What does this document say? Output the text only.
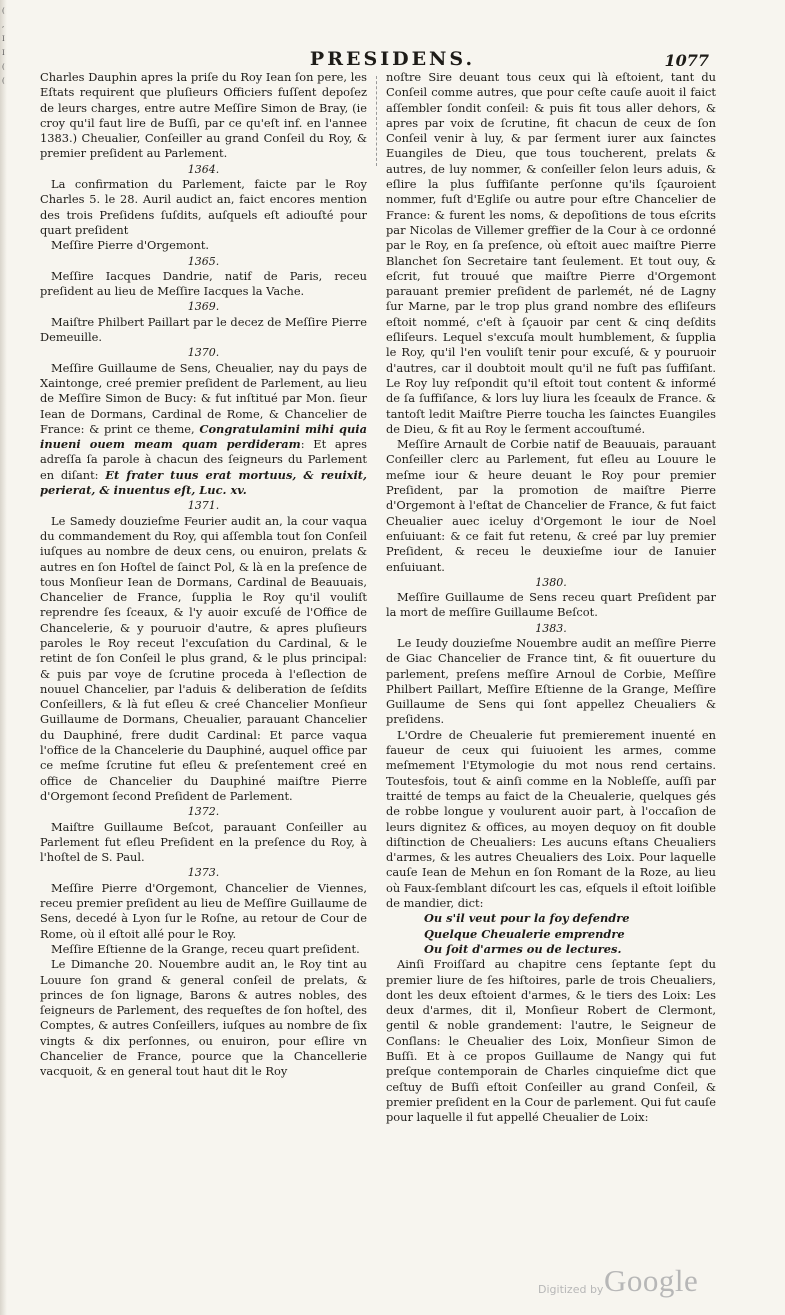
(
,
I
I
(
(
PRESIDENS.	1077

Charles Dauphin apres la priſe du Roy Iean ſon pere, les Eſtats requirent que pluſieurs Officiers fuſſent depoſez de leurs charges, entre autre Meſſire Simon de Bray, (ie croy qu'il faut lire de Buſſi, par ce qu'eſt inf. en l'annee 1383.) Cheualier, Conſeiller au grand Conſeil du Roy, & premier preſident au Parlement.

1364.

La confirmation du Parlement, faicte par le Roy Charles 5. le 28. Auril audict an, faict encores mention des trois Preſidens ſuſdits, auſquels eſt adiouſté pour quart preſident

Meſſire Pierre d'Orgemont.

1365.

Meſſire Iacques Dandrie, natif de Paris, receu preſident au lieu de Meſſire Iacques la Vache.

1369.

Maiſtre Philbert Paillart par le decez de Meſſire Pierre Demeuille.

1370.

Meſſire Guillaume de Sens, Cheualier, nay du pays de Xaintonge, creé premier preſident de Parlement, au lieu de Meſſire Simon de Bucy: & fut inſtitué par Mon. ſieur Iean de Dormans, Cardinal de Rome, & Chancelier de France: & print ce theme, Congratulamini mihi quia inueni ouem meam quam perdideram: Et apres adreſſa ſa parole à chacun des ſeigneurs du Parlement en diſant: Et frater tuus erat mortuus, & reuixit, perierat, & inuentus eſt, Luc. xv.

1371.

Le Samedy douzieſme Feurier audit an, la cour vaqua du commandement du Roy, qui aſſembla tout ſon Conſeil iuſques au nombre de deux cens, ou enuiron, prelats & autres en ſon Hoſtel de ſainct Pol, & là en la preſence de tous Monſieur Iean de Dormans, Cardinal de Beauuais, Chancelier de France, ſupplia le Roy qu'il vouliſt reprendre ſes ſceaux, & l'y auoir excuſé de l'Office de Chancelerie, & y pouruoir d'autre, & apres pluſieurs paroles le Roy receut l'excuſation du Cardinal, & le retint de ſon Conſeil le plus grand, & le plus principal: & puis par voye de ſcrutine proceda à l'eſlection de nouuel Chancelier, par l'aduis & deliberation de ſeſdits Conſeillers, & là fut eſleu & creé Chancelier Monſieur Guillaume de Dormans, Cheualier, parauant Chancelier du Dauphiné, frere dudit Cardinal: Et parce vaqua l'office de la Chancelerie du Dauphiné, auquel office par ce meſme ſcrutine fut eſleu & preſentement creé en office de Chancelier du Dauphiné maiſtre Pierre d'Orgemont ſecond Preſident de Parlement.

1372.

Maiſtre Guillaume Beſcot, parauant Conſeiller au Parlement fut eſleu Preſident en la preſence du Roy, à l'hoſtel de S. Paul.

1373.

Meſſire Pierre d'Orgemont, Chancelier de Viennes, receu premier preſident au lieu de Meſſire Guillaume de Sens, decedé à Lyon ſur le Roſne, au retour de Cour de Rome, où il eſtoit allé pour le Roy.

Meſſire Eſtienne de la Grange, receu quart preſident.

Le Dimanche 20. Nouembre audit an, le Roy tint au Louure ſon grand & general conſeil de prelats, & princes de ſon lignage, Barons & autres nobles, des ſeigneurs de Parlement, des requeſtes de ſon hoſtel, des Comptes, & autres Conſeillers, iuſques au nombre de ſix vingts & dix perſonnes, ou enuiron, pour eſlire vn Chancelier de France, pource que la Chancellerie vacquoit, & en general tout haut dit le Roy

noſtre Sire deuant tous ceux qui là eſtoient, tant du Conſeil comme autres, que pour ceſte cauſe auoit il faict aſſembler ſondit conſeil: & puis fit tous aller dehors, & apres par voix de ſcrutine, fit chacun de ceux de ſon Conſeil venir à luy, & par ſerment iurer aux ſainctes Euangiles de Dieu, que tous toucherent, prelats & autres, de luy nommer, & conſeiller ſelon leurs aduis, & eſlire la plus ſuffiſante perſonne qu'ils ſçauroient nommer, fuſt d'Egliſe ou autre pour eſtre Chancelier de France: & furent les noms, & depoſitions de tous eſcrits par Nicolas de Villemer greffier de la Cour à ce ordonné par le Roy, en ſa preſence, où eſtoit auec maiſtre Pierre Blanchet ſon Secretaire tant ſeulement. Et tout ouy, & eſcrit, fut trouué que maiſtre Pierre d'Orgemont parauant premier preſident de parlemét, né de Lagny ſur Marne, par le trop plus grand nombre des eſliſeurs eſtoit nommé, c'eſt à ſçauoir par cent & cinq deſdits eſliſeurs. Lequel s'excuſa moult humblement, & ſupplia le Roy, qu'il l'en vouliſt tenir pour excuſé, & y pouruoir d'autres, car il doubtoit moult qu'il ne fuſt pas ſuffiſant. Le Roy luy reſpondit qu'il eſtoit tout content & informé de ſa ſuffiſance, & lors luy liura les ſceaulx de France. & tantoſt ledit Maiſtre Pierre toucha les ſainctes Euangiles de Dieu, & fit au Roy le ſerment accouſtumé.

Meſſire Arnault de Corbie natif de Beauuais, parauant Conſeiller clerc au Parlement, fut eſleu au Louure le meſme iour & heure deuant le Roy pour premier Preſident, par la promotion de maiſtre Pierre d'Orgemont à l'eſtat de Chancelier de France, & fut faict Cheualier auec iceluy d'Orgemont le iour de Noel enſuiuant: & ce fait fut retenu, & creé par luy premier Preſident, & receu le deuxieſme iour de Ianuier enſuiuant.

1380.

Meſſire Guillaume de Sens receu quart Preſident par la mort de meſſire Guillaume Beſcot.

1383.

Le Ieudy douzieſme Nouembre audit an meſſire Pierre de Giac Chancelier de France tint, & fit ouuerture du parlement, preſens meſſire Arnoul de Corbie, Meſſire Philbert Paillart, Meſſire Eſtienne de la Grange, Meſſire Guillaume de Sens qui ſont appellez Cheualiers & preſidens.

L'Ordre de Cheualerie fut premierement inuenté en faueur de ceux qui ſuiuoient les armes, comme meſmement l'Etymologie du mot nous rend certains. Toutesfois, tout & ainſi comme en la Nobleſſe, auſſi par traitté de temps au faict de la Cheualerie, quelques gés de robbe longue y voulurent auoir part, à l'occaſion de leurs dignitez & offices, au moyen dequoy on fit double diſtinction de Cheualiers: Les aucuns eſtans Cheualiers d'armes, & les autres Cheualiers des Loix. Pour laquelle cauſe Iean de Mehun en ſon Romant de la Roze, au lieu où Faux-ſemblant diſcourt les cas, eſquels il eſtoit loiſible de mandier, dict:

Ou s'il veut pour la foy defendre

Quelque Cheualerie emprendre

Ou ſoit d'armes ou de lectures.

Ainſi Froiſſard au chapitre cens ſeptante ſept du premier liure de ſes hiſtoires, parle de trois Cheualiers, dont les deux eſtoient d'armes, & le tiers des Loix: Les deux d'armes, dit il, Monſieur Robert de Clermont, gentil & noble grandement: l'autre, le Seigneur de Conſlans: le Cheualier des Loix, Monſieur Simon de Buſſi. Et à ce propos Guillaume de Nangy qui fut preſque contemporain de Charles cinquieſme dict que ceſtuy de Buſſi eſtoit Conſeiller au grand Conſeil, & premier preſident en la Cour de parlement. Qui fut cauſe pour laquelle il fut appellé Cheualier de Loix:

Digitized by Google
